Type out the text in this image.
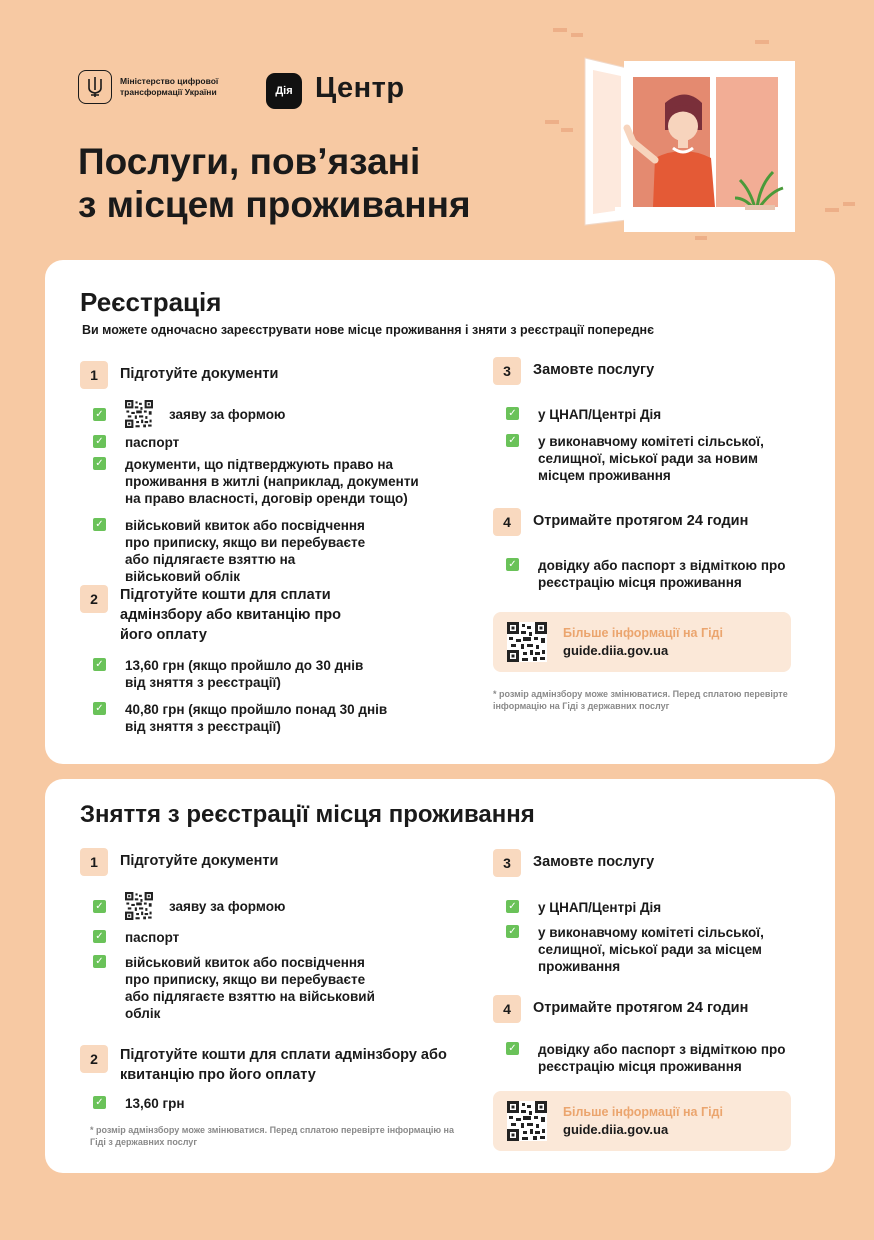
Міністерство цифрової трансформації України	Дія Центр
Послуги, пов’язані
з місцем проживання
Реєстрація
Ви можете одночасно зареєструвати нове місце проживання і зняти з реєстрації попереднє
1	Підготуйте документи
✓	заяву за формою
✓ паспорт
✓ документи, що підтверджують право на проживання в житлі (наприклад, документи на право власності, договір оренди тощо)
✓ військовий квиток або посвідчення про приписку, якщо ви перебуваєте або підлягаєте взяттю на військовий облік
2	Підготуйте кошти для сплати адмінзбору або квитанцію про його оплату
✓ 13,60 грн (якщо пройшло до 30 днів від зняття з реєстрації)
✓ 40,80 грн (якщо пройшло понад 30 днів від зняття з реєстрації)
3	Замовте послугу
✓ у ЦНАП/Центрі Дія
✓ у виконавчому комітеті сільської, селищної, міської ради за новим місцем проживання
4	Отримайте протягом 24 годин
✓ довідку або паспорт з відміткою про реєстрацію місця проживання
Більше інформації на Гіді
guide.diia.gov.ua
* розмір адмінзбору може змінюватися. Перед сплатою перевірте інформацію на Гіді з державних послуг
Зняття з реєстрації місця проживання
1	Підготуйте документи
✓	заяву за формою
✓ паспорт
✓ військовий квиток або посвідчення про приписку, якщо ви перебуваєте або підлягаєте взяттю на військовий облік
2	Підготуйте кошти для сплати адмінзбору або квитанцію про його оплату
✓ 13,60 грн
* розмір адмінзбору може змінюватися. Перед сплатою перевірте інформацію на Гіді з державних послуг
3	Замовте послугу
✓ у ЦНАП/Центрі Дія
✓ у виконавчому комітеті сільської, селищної, міської ради за місцем проживання
4	Отримайте протягом 24 годин
✓ довідку або паспорт з відміткою про реєстрацію місця проживання
Більше інформації на Гіді
guide.diia.gov.ua
